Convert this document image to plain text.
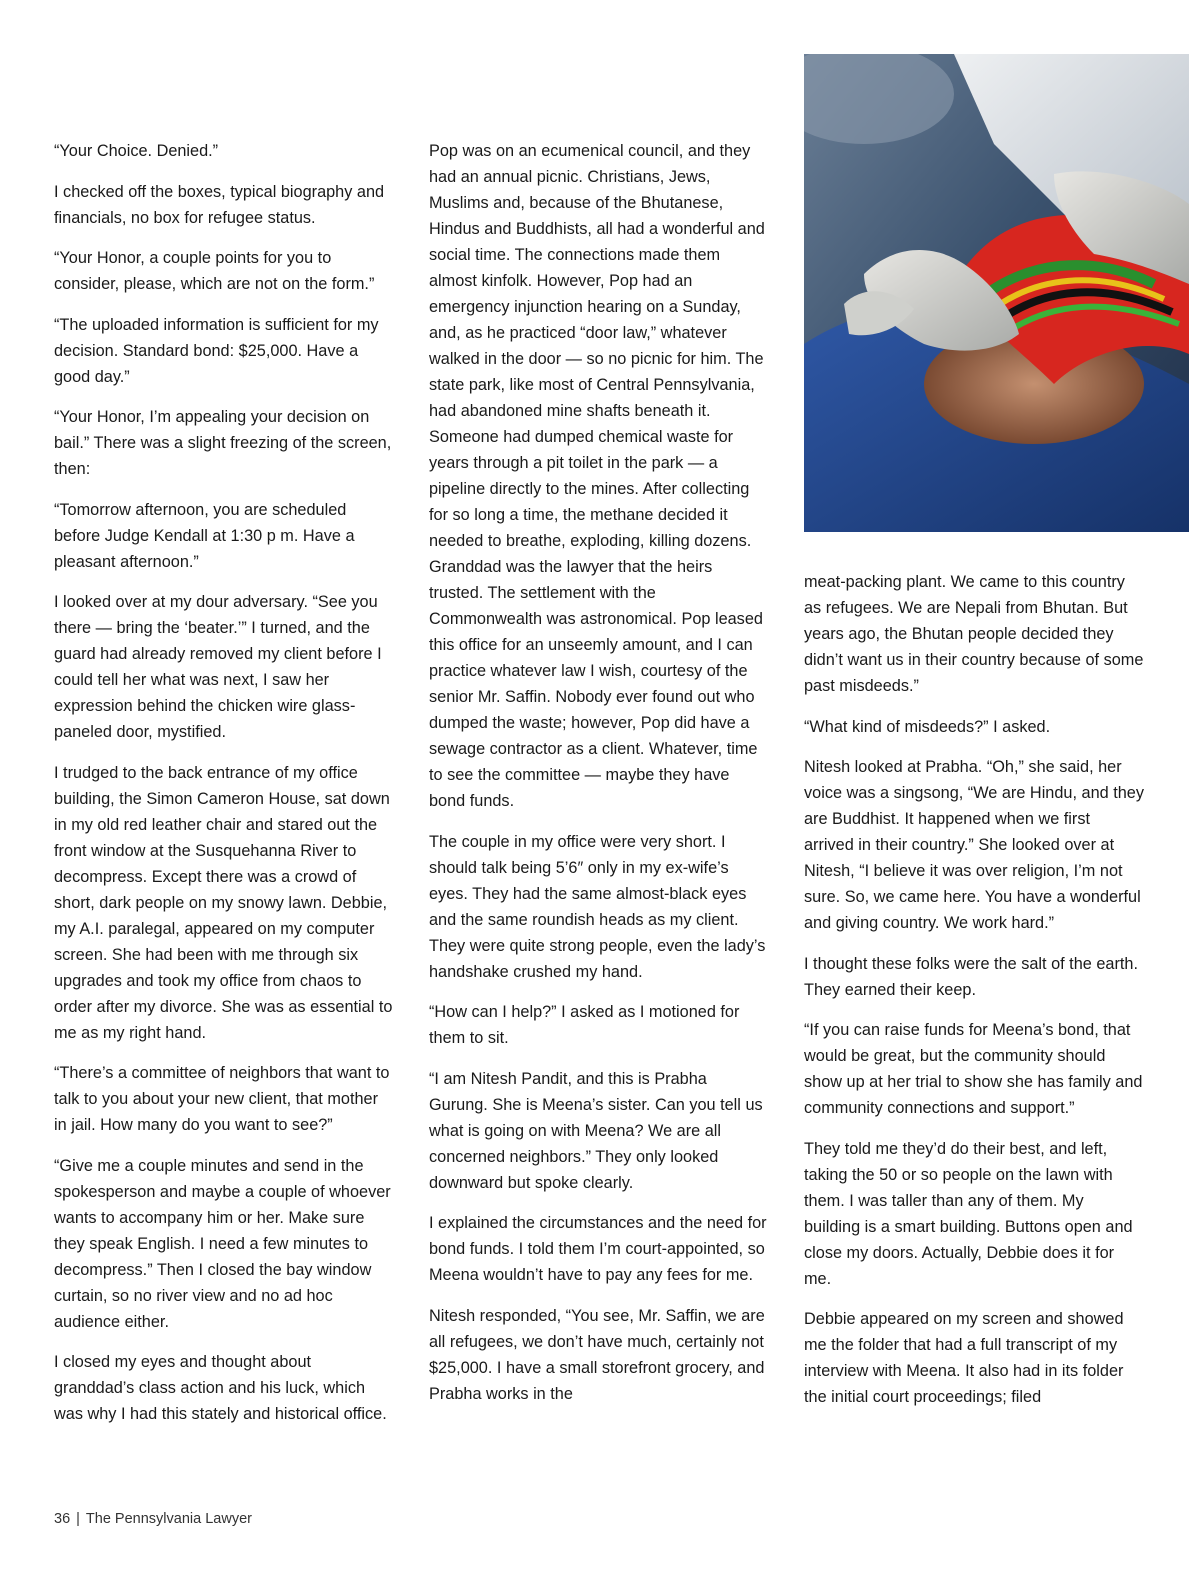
“Your Choice. Denied.”

I checked off the boxes, typical biography and financials, no box for refugee status.

“Your Honor, a couple points for you to consider, please, which are not on the form.”

“The uploaded information is sufficient for my decision. Standard bond: $25,000. Have a good day.”

“Your Honor, I’m appealing your decision on bail.” There was a slight freezing of the screen, then:

“Tomorrow afternoon, you are scheduled before Judge Kendall at 1:30 p m. Have a pleasant afternoon.”

I looked over at my dour adversary. “See you there — bring the ‘beater.’” I turned, and the guard had already removed my client before I could tell her what was next, I saw her expression behind the chicken wire glass-paneled door, mystified.

I trudged to the back entrance of my office building, the Simon Cameron House, sat down in my old red leather chair and stared out the front window at the Susquehanna River to decompress. Except there was a crowd of short, dark people on my snowy lawn. Debbie, my A.I. paralegal, appeared on my computer screen. She had been with me through six upgrades and took my office from chaos to order after my divorce. She was as essential to me as my right hand.

“There’s a committee of neighbors that want to talk to you about your new client, that mother in jail. How many do you want to see?”

“Give me a couple minutes and send in the spokesperson and maybe a couple of whoever wants to accompany him or her. Make sure they speak English. I need a few minutes to decompress.” Then I closed the bay window curtain, so no river view and no ad hoc audience either.

I closed my eyes and thought about granddad’s class action and his luck, which was why I had this stately and historical office.

Pop was on an ecumenical council, and they had an annual picnic. Christians, Jews, Muslims and, because of the Bhutanese, Hindus and Buddhists, all had a wonderful and social time. The connections made them almost kinfolk. However, Pop had an emergency injunction hearing on a Sunday, and, as he practiced “door law,” whatever walked in the door — so no picnic for him. The state park, like most of Central Pennsylvania, had abandoned mine shafts beneath it. Someone had dumped chemical waste for years through a pit toilet in the park — a pipeline directly to the mines. After collecting for so long a time, the methane decided it needed to breathe, exploding, killing dozens. Granddad was the lawyer that the heirs trusted. The settlement with the Commonwealth was astronomical. Pop leased this office for an unseemly amount, and I can practice whatever law I wish, courtesy of the senior Mr. Saffin. Nobody ever found out who dumped the waste; however, Pop did have a sewage contractor as a client. Whatever, time to see the committee — maybe they have bond funds.

The couple in my office were very short. I should talk being 5’6″ only in my ex-wife’s eyes. They had the same almost-black eyes and the same roundish heads as my client. They were quite strong people, even the lady’s handshake crushed my hand.

“How can I help?” I asked as I motioned for them to sit.

“I am Nitesh Pandit, and this is Prabha Gurung. She is Meena’s sister. Can you tell us what is going on with Meena? We are all concerned neighbors.” They only looked downward but spoke clearly.

I explained the circumstances and the need for bond funds. I told them I’m court-appointed, so Meena wouldn’t have to pay any fees for me.

Nitesh responded, “You see, Mr. Saffin, we are all refugees, we don’t have much, certainly not $25,000. I have a small storefront grocery, and Prabha works in the

meat-packing plant. We came to this country as refugees. We are Nepali from Bhutan. But years ago, the Bhutan people decided they didn’t want us in their country because of some past misdeeds.”

“What kind of misdeeds?” I asked.

Nitesh looked at Prabha. “Oh,” she said, her voice was a singsong, “We are Hindu, and they are Buddhist. It happened when we first arrived in their country.” She looked over at Nitesh, “I believe it was over religion, I’m not sure. So, we came here. You have a wonderful and giving country. We work hard.”

I thought these folks were the salt of the earth. They earned their keep.

“If you can raise funds for Meena’s bond, that would be great, but the community should show up at her trial to show she has family and community connections and support.”

They told me they’d do their best, and left, taking the 50 or so people on the lawn with them. I was taller than any of them. My building is a smart building. Buttons open and close my doors. Actually, Debbie does it for me.

Debbie appeared on my screen and showed me the folder that had a full transcript of my interview with Meena. It also had in its folder the initial court proceedings; filed

36 | The Pennsylvania Lawyer
